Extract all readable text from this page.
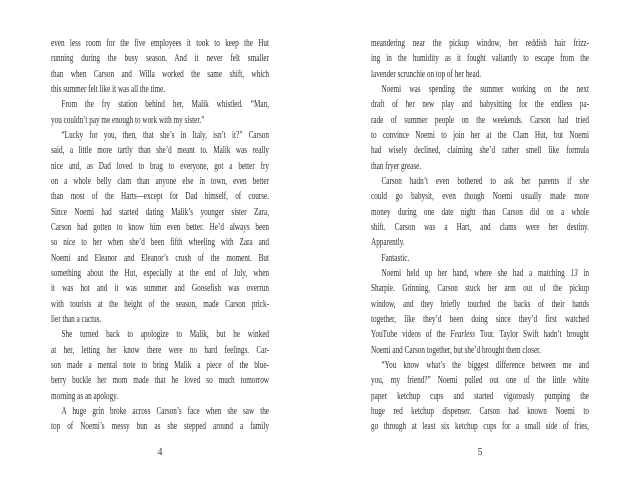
even less room for the five employees it took to keep the Hut
running during the busy season. And it never felt smaller
than when Carson and Willa worked the same shift, which
this summer felt like it was all the time.
From the fry station behind her, Malik whistled. “Man,
you couldn’t pay me enough to work with my sister.”
“Lucky for you, then, that she’s in Italy, isn’t it?” Carson
said, a little more tartly than she’d meant to. Malik was really
nice and, as Dad loved to brag to everyone, got a better fry
on a whole belly clam than anyone else in town, even better
than most of the Harts—except for Dad himself, of course.
Since Noemi had started dating Malik’s younger sister Zara,
Carson had gotten to know him even better. He’d always been
so nice to her when she’d been fifth wheeling with Zara and
Noemi and Eleanor and Eleanor’s crush of the moment. But
something about the Hut, especially at the end of July, when
it was hot and it was summer and Goosefish was overrun
with tourists at the height of the season, made Carson prick-
lier than a cactus.
She turned back to apologize to Malik, but he winked
at her, letting her know there were no hard feelings. Car-
son made a mental note to bring Malik a piece of the blue-
berry buckle her mom made that he loved so much tomorrow
morning as an apology.
A huge grin broke across Carson’s face when she saw the
top of Noemi’s messy bun as she stepped around a family
4
meandering near the pickup window, her reddish hair frizz-
ing in the humidity as it fought valiantly to escape from the
lavender scrunchie on top of her head.
Noemi was spending the summer working on the next
draft of her new play and babysitting for the endless pa-
rade of summer people on the weekends. Carson had tried
to convince Noemi to join her at the Clam Hut, but Noemi
had wisely declined, claiming she’d rather smell like formula
than fryer grease.
Carson hadn’t even bothered to ask her parents if she
could go babysit, even though Noemi usually made more
money during one date night than Carson did on a whole
shift. Carson was a Hart, and clams were her destiny.
Apparently.
Fantastic.
Noemi held up her hand, where she had a matching 13 in
Sharpie. Grinning, Carson stuck her arm out of the pickup
window, and they briefly touched the backs of their hands
together, like they’d been doing since they’d first watched
YouTube videos of the Fearless Tour. Taylor Swift hadn’t brought
Noemi and Carson together, but she’d brought them closer.
“You know what’s the biggest difference between me and
you, my friend?” Noemi pulled out one of the little white
paper ketchup cups and started vigorously pumping the
huge red ketchup dispenser. Carson had known Noemi to
go through at least six ketchup cups for a small side of fries,
5
